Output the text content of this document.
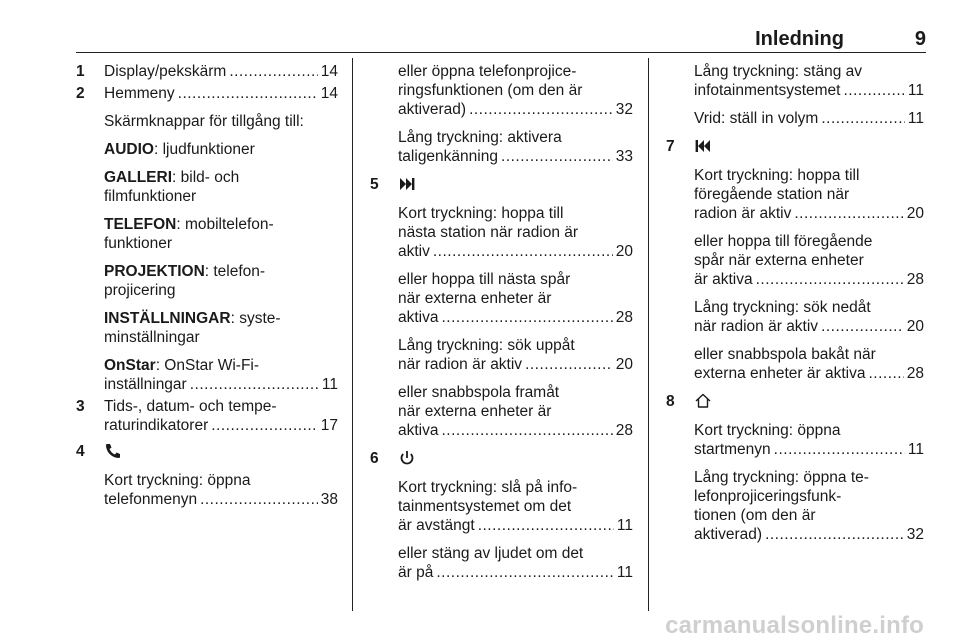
Inledning	9
1 Display/pekskärm .....	14
2 Hemmeny .....	14
Skärmknappar för tillgång till:
AUDIO: ljudfunktioner
GALLERI: bild- och
filmfunktioner
TELEFON: mobiltelefon-
funktioner
PROJEKTION: telefon-
projicering
INSTÄLLNINGAR: syste-
minställningar
OnStar: OnStar Wi-Fi-
inställningar .....	11
3 Tids-, datum- och tempe-
raturindikatorer .....	17
4
Kort tryckning: öppna
telefonmenyn .....	38
eller öppna telefonprojice-
ringsfunktionen (om den är
aktiverad) .....	32
Lång tryckning: aktivera
taligenkänning .....	33
5
Kort tryckning: hoppa till
nästa station när radion är
aktiv .....	20
eller hoppa till nästa spår
när externa enheter är
aktiva .....	28
Lång tryckning: sök uppåt
när radion är aktiv .....	20
eller snabbspola framåt
när externa enheter är
aktiva .....	28
6
Kort tryckning: slå på info-
tainmentsystemet om det
är avstängt .....	11
eller stäng av ljudet om det
är på .....	11
Lång tryckning: stäng av
infotainmentsystemet .....	11
Vrid: ställ in volym .....	11
7
Kort tryckning: hoppa till
föregående station när
radion är aktiv .....	20
eller hoppa till föregående
spår när externa enheter
är aktiva .....	28
Lång tryckning: sök nedåt
när radion är aktiv .....	20
eller snabbspola bakåt när
externa enheter är aktiva .....	28
8
Kort tryckning: öppna
startmenyn .....	11
Lång tryckning: öppna te-
lefonprojiceringsfunk-
tionen (om den är
aktiverad) .....	32
carmanualsonline.info
